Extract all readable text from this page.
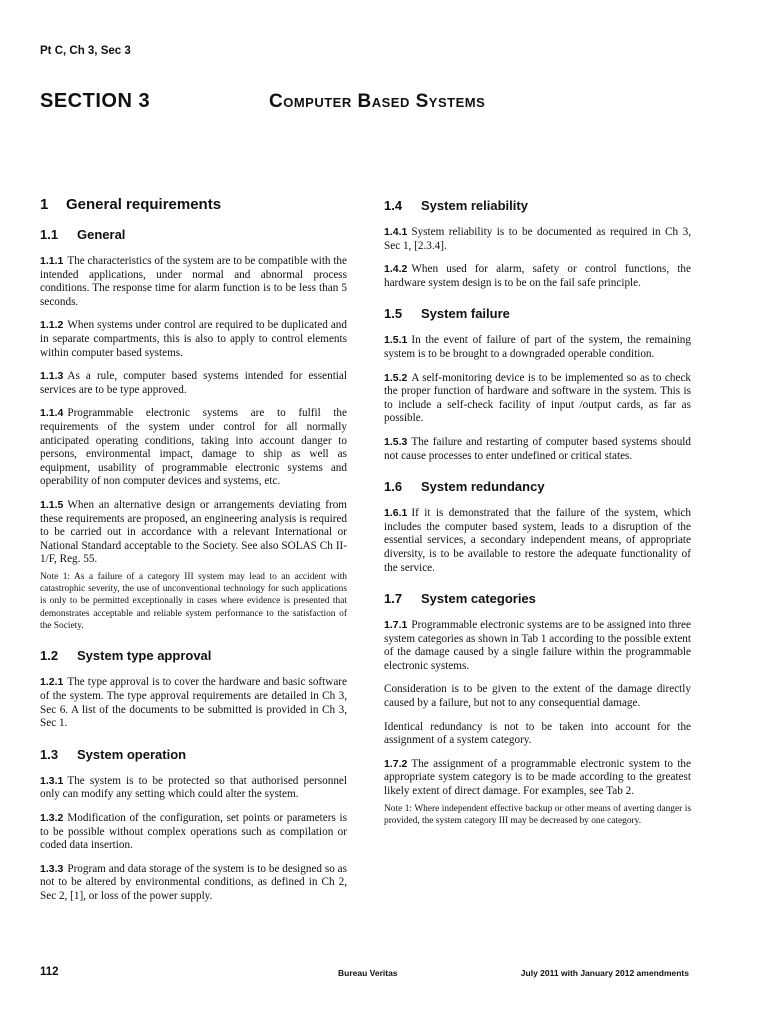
Pt C, Ch 3, Sec 3
SECTION 3	Computer Based Systems
1 General requirements
1.1 General

1.1.1 The characteristics of the system are to be compatible with the intended applications, under normal and abnormal process conditions. The response time for alarm function is to be less than 5 seconds.

1.1.2 When systems under control are required to be duplicated and in separate compartments, this is also to apply to control elements within computer based systems.

1.1.3 As a rule, computer based systems intended for essential services are to be type approved.

1.1.4 Programmable electronic systems are to fulfil the requirements of the system under control for all normally anticipated operating conditions, taking into account danger to persons, environmental impact, damage to ship as well as equipment, usability of programmable electronic systems and operability of non computer devices and systems, etc.

1.1.5 When an alternative design or arrangements deviating from these requirements are proposed, an engineering analysis is required to be carried out in accordance with a relevant International or National Standard acceptable to the Society. See also SOLAS Ch II-1/F, Reg. 55.

Note 1: As a failure of a category III system may lead to an accident with catastrophic severity, the use of unconventional technology for such applications is only to be permitted exceptionally in cases where evidence is presented that demonstrates acceptable and reliable system performance to the satisfaction of the Society.

1.2 System type approval

1.2.1 The type approval is to cover the hardware and basic software of the system. The type approval requirements are detailed in Ch 3, Sec 6. A list of the documents to be submitted is provided in Ch 3, Sec 1.

1.3 System operation

1.3.1 The system is to be protected so that authorised personnel only can modify any setting which could alter the system.

1.3.2 Modification of the configuration, set points or parameters is to be possible without complex operations such as compilation or coded data insertion.

1.3.3 Program and data storage of the system is to be designed so as not to be altered by environmental conditions, as defined in Ch 2, Sec 2, [1], or loss of the power supply.

1.4 System reliability

1.4.1 System reliability is to be documented as required in Ch 3, Sec 1, [2.3.4].

1.4.2 When used for alarm, safety or control functions, the hardware system design is to be on the fail safe principle.

1.5 System failure

1.5.1 In the event of failure of part of the system, the remaining system is to be brought to a downgraded operable condition.

1.5.2 A self-monitoring device is to be implemented so as to check the proper function of hardware and software in the system. This is to include a self-check facility of input /output cards, as far as possible.

1.5.3 The failure and restarting of computer based systems should not cause processes to enter undefined or critical states.

1.6 System redundancy

1.6.1 If it is demonstrated that the failure of the system, which includes the computer based system, leads to a disruption of the essential services, a secondary independent means, of appropriate diversity, is to be available to restore the adequate functionality of the service.

1.7 System categories

1.7.1 Programmable electronic systems are to be assigned into three system categories as shown in Tab 1 according to the possible extent of the damage caused by a single failure within the programmable electronic systems.

Consideration is to be given to the extent of the damage directly caused by a failure, but not to any consequential damage.

Identical redundancy is not to be taken into account for the assignment of a system category.

1.7.2 The assignment of a programmable electronic system to the appropriate system category is to be made according to the greatest likely extent of direct damage. For examples, see Tab 2.

Note 1: Where independent effective backup or other means of averting danger is provided, the system category III may be decreased by one category.

112	Bureau Veritas	July 2011 with January 2012 amendments
